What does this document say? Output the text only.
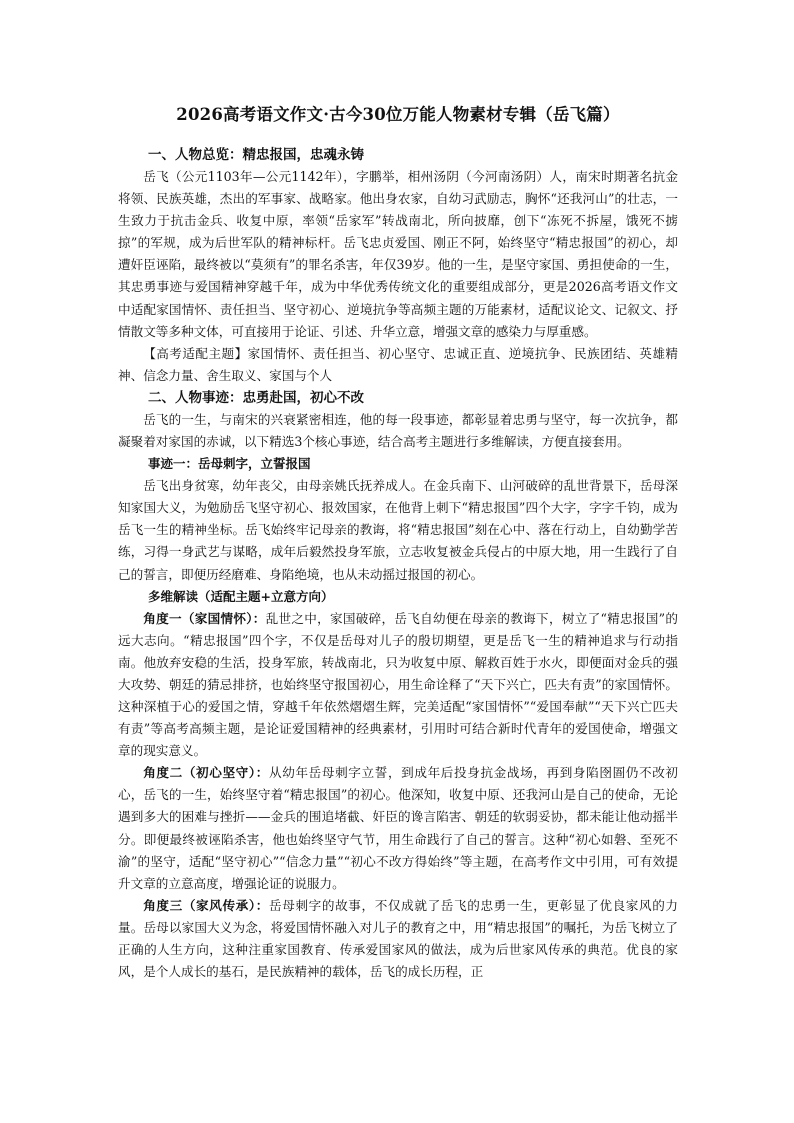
2026高考语文作文·古今30位万能人物素材专辑（岳飞篇）
一、人物总览：精忠报国，忠魂永铸

岳飞（公元1103年—公元1142年），字鹏举，相州汤阴（今河南汤阴）人，南宋时期著名抗金将领、民族英雄，杰出的军事家、战略家。他出身农家，自幼习武励志，胸怀“还我河山”的壮志，一生致力于抗击金兵、收复中原，率领“岳家军”转战南北，所向披靡，创下“冻死不拆屋，饿死不掳掠”的军规，成为后世军队的精神标杆。岳飞忠贞爱国、刚正不阿，始终坚守“精忠报国”的初心，却遭奸臣诬陷，最终被以“莫须有”的罪名杀害，年仅39岁。他的一生，是坚守家国、勇担使命的一生，其忠勇事迹与爱国精神穿越千年，成为中华优秀传统文化的重要组成部分，更是2026高考语文作文中适配家国情怀、责任担当、坚守初心、逆境抗争等高频主题的万能素材，适配议论文、记叙文、抒情散文等多种文体，可直接用于论证、引述、升华立意，增强文章的感染力与厚重感。

【高考适配主题】家国情怀、责任担当、初心坚守、忠诚正直、逆境抗争、民族团结、英雄精神、信念力量、舍生取义、家国与个人

二、人物事迹：忠勇赴国，初心不改

岳飞的一生，与南宋的兴衰紧密相连，他的每一段事迹，都彰显着忠勇与坚守，每一次抗争，都凝聚着对家国的赤诚，以下精选3个核心事迹，结合高考主题进行多维解读，方便直接套用。

事迹一：岳母刺字，立誓报国

岳飞出身贫寒，幼年丧父，由母亲姚氏抚养成人。在金兵南下、山河破碎的乱世背景下，岳母深知家国大义，为勉励岳飞坚守初心、报效国家，在他背上刺下“精忠报国”四个大字，字字千钧，成为岳飞一生的精神坐标。岳飞始终牢记母亲的教诲，将“精忠报国”刻在心中、落在行动上，自幼勤学苦练，习得一身武艺与谋略，成年后毅然投身军旅，立志收复被金兵侵占的中原大地，用一生践行了自己的誓言，即便历经磨难、身陷绝境，也从未动摇过报国的初心。

多维解读（适配主题+立意方向）

角度一（家国情怀）：乱世之中，家国破碎，岳飞自幼便在母亲的教诲下，树立了“精忠报国”的远大志向。“精忠报国”四个字，不仅是岳母对儿子的殷切期望，更是岳飞一生的精神追求与行动指南。他放弃安稳的生活，投身军旅，转战南北，只为收复中原、解救百姓于水火，即便面对金兵的强大攻势、朝廷的猜忌排挤，也始终坚守报国初心，用生命诠释了“天下兴亡，匹夫有责”的家国情怀。这种深植于心的爱国之情，穿越千年依然熠熠生辉，完美适配“家国情怀”“爱国奉献”“天下兴亡匹夫有责”等高考高频主题，是论证爱国精神的经典素材，引用时可结合新时代青年的爱国使命，增强文章的现实意义。

角度二（初心坚守）：从幼年岳母刺字立誓，到成年后投身抗金战场，再到身陷囹圄仍不改初心，岳飞的一生，始终坚守着“精忠报国”的初心。他深知，收复中原、还我河山是自己的使命，无论遇到多大的困难与挫折——金兵的围追堵截、奸臣的谗言陷害、朝廷的软弱妥协，都未能让他动摇半分。即便最终被诬陷杀害，他也始终坚守气节，用生命践行了自己的誓言。这种“初心如磐、至死不渝”的坚守，适配“坚守初心”“信念力量”“初心不改方得始终”等主题，在高考作文中引用，可有效提升文章的立意高度，增强论证的说服力。

角度三（家风传承）：岳母刺字的故事，不仅成就了岳飞的忠勇一生，更彰显了优良家风的力量。岳母以家国大义为念，将爱国情怀融入对儿子的教育之中，用“精忠报国”的嘱托，为岳飞树立了正确的人生方向，这种注重家国教育、传承爱国家风的做法，成为后世家风传承的典范。优良的家风，是个人成长的基石，是民族精神的载体，岳飞的成长历程，正
